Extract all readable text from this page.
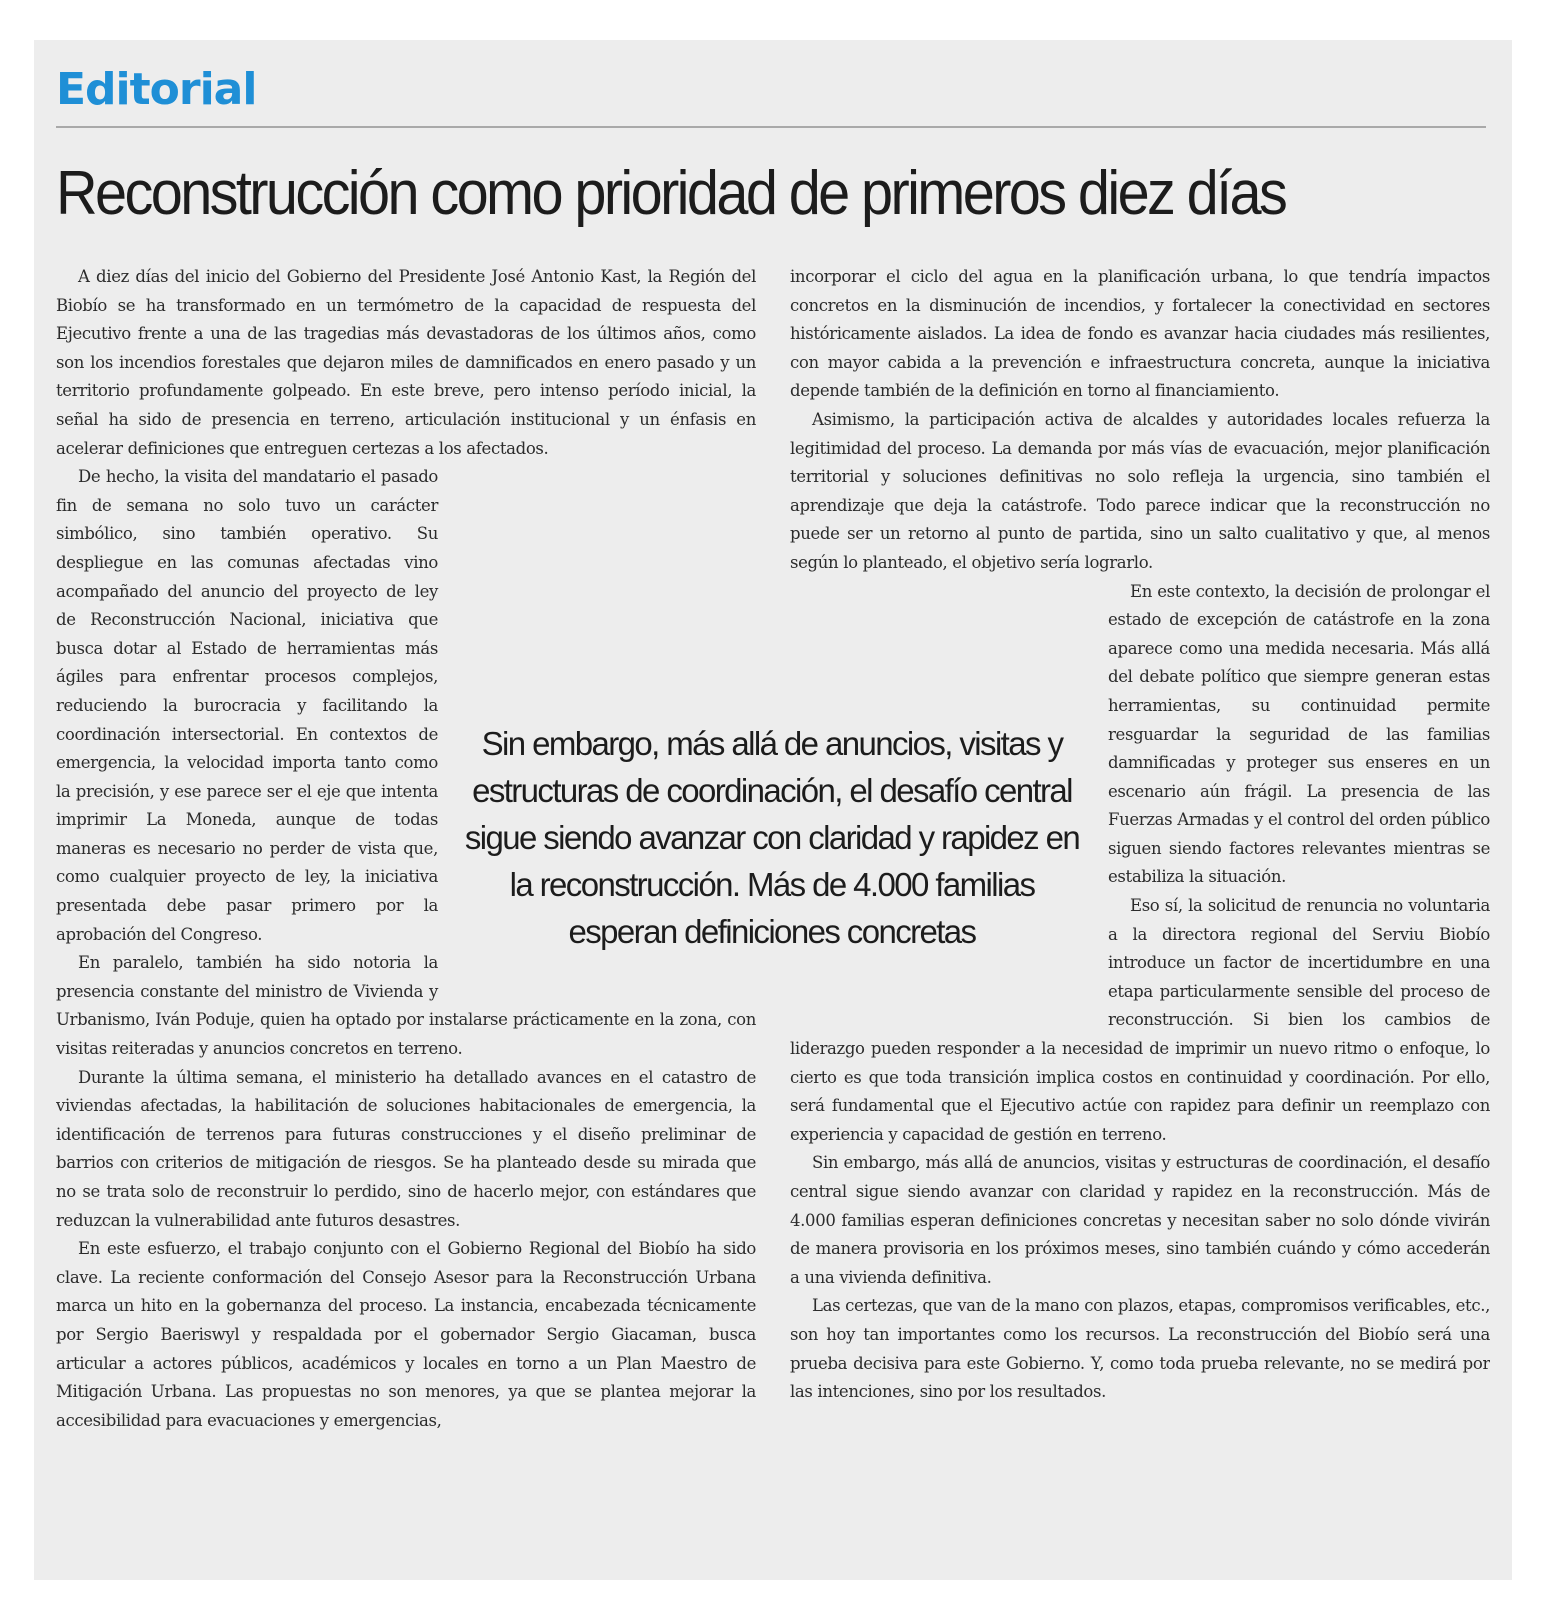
Editorial
Reconstrucción como prioridad de primeros diez días

A diez días del inicio del Gobierno del Presidente José Antonio Kast, la Región del Biobío se ha transformado en un termómetro de la capacidad de respuesta del Ejecutivo frente a una de las tragedias más devastadoras de los últimos años, como son los incendios forestales que dejaron miles de damnificados en enero pasado y un territorio profundamente golpeado. En este breve, pero intenso período inicial, la señal ha sido de presencia en terreno, articulación institucional y un énfasis en acelerar definiciones que entreguen certezas a los afectados.

De hecho, la visita del mandatario el pasado fin de semana no solo tuvo un carácter simbólico, sino también operativo. Su despliegue en las comunas afectadas vino acompañado del anuncio del proyecto de ley de Reconstrucción Nacional, iniciativa que busca dotar al Estado de herramientas más ágiles para enfrentar procesos complejos, reduciendo la burocracia y facilitando la coordinación intersectorial. En contextos de emergencia, la velocidad importa tanto como la precisión, y ese parece ser el eje que intenta imprimir La Moneda, aunque de todas maneras es necesario no perder de vista que, como cualquier proyecto de ley, la iniciativa presentada debe pasar primero por la aprobación del Congreso.

En paralelo, también ha sido notoria la presencia constante del ministro de Vivienda y Urbanismo, Iván Poduje, quien ha optado por instalarse prácticamente en la zona, con visitas reiteradas y anuncios concretos en terreno.

Durante la última semana, el ministerio ha detallado avances en el catastro de viviendas afectadas, la habilitación de soluciones habitacionales de emergencia, la identificación de terrenos para futuras construcciones y el diseño preliminar de barrios con criterios de mitigación de riesgos. Se ha planteado desde su mirada que no se trata solo de reconstruir lo perdido, sino de hacerlo mejor, con estándares que reduzcan la vulnerabilidad ante futuros desastres.

En este esfuerzo, el trabajo conjunto con el Gobierno Regional del Biobío ha sido clave. La reciente conformación del Consejo Asesor para la Reconstrucción Urbana marca un hito en la gobernanza del proceso. La instancia, encabezada técnicamente por Sergio Baeriswyl y respaldada por el gobernador Sergio Giacaman, busca articular a actores públicos, académicos y locales en torno a un Plan Maestro de Mitigación Urbana. Las propuestas no son menores, ya que se plantea mejorar la accesibilidad para evacuaciones y emergencias,

incorporar el ciclo del agua en la planificación urbana, lo que tendría impactos concretos en la disminución de incendios, y fortalecer la conectividad en sectores históricamente aislados. La idea de fondo es avanzar hacia ciudades más resilientes, con mayor cabida a la prevención e infraestructura concreta, aunque la iniciativa depende también de la definición en torno al financiamiento.

Asimismo, la participación activa de alcaldes y autoridades locales refuerza la legitimidad del proceso. La demanda por más vías de evacuación, mejor planificación territorial y soluciones definitivas no solo refleja la urgencia, sino también el aprendizaje que deja la catástrofe. Todo parece indicar que la reconstrucción no puede ser un retorno al punto de partida, sino un salto cualitativo y que, al menos según lo planteado, el objetivo sería lograrlo.

En este contexto, la decisión de prolongar el estado de excepción de catástrofe en la zona aparece como una medida necesaria. Más allá del debate político que siempre generan estas herramientas, su continuidad permite resguardar la seguridad de las familias damnificadas y proteger sus enseres en un escenario aún frágil. La presencia de las Fuerzas Armadas y el control del orden público siguen siendo factores relevantes mientras se estabiliza la situación.

Eso sí, la solicitud de renuncia no voluntaria a la directora regional del Serviu Biobío introduce un factor de incertidumbre en una etapa particularmente sensible del proceso de reconstrucción. Si bien los cambios de liderazgo pueden responder a la necesidad de imprimir un nuevo ritmo o enfoque, lo cierto es que toda transición implica costos en continuidad y coordinación. Por ello, será fundamental que el Ejecutivo actúe con rapidez para definir un reemplazo con experiencia y capacidad de gestión en terreno.

Sin embargo, más allá de anuncios, visitas y estructuras de coordinación, el desafío central sigue siendo avanzar con claridad y rapidez en la reconstrucción. Más de 4.000 familias esperan definiciones concretas y necesitan saber no solo dónde vivirán de manera provisoria en los próximos meses, sino también cuándo y cómo accederán a una vivienda definitiva.

Las certezas, que van de la mano con plazos, etapas, compromisos verificables, etc., son hoy tan importantes como los recursos. La reconstrucción del Biobío será una prueba decisiva para este Gobierno. Y, como toda prueba relevante, no se medirá por las intenciones, sino por los resultados.

Sin embargo, más allá de anuncios, visitas y estructuras de coordinación, el desafío central sigue siendo avanzar con claridad y rapidez en la reconstrucción. Más de 4.000 familias esperan definiciones concretas
